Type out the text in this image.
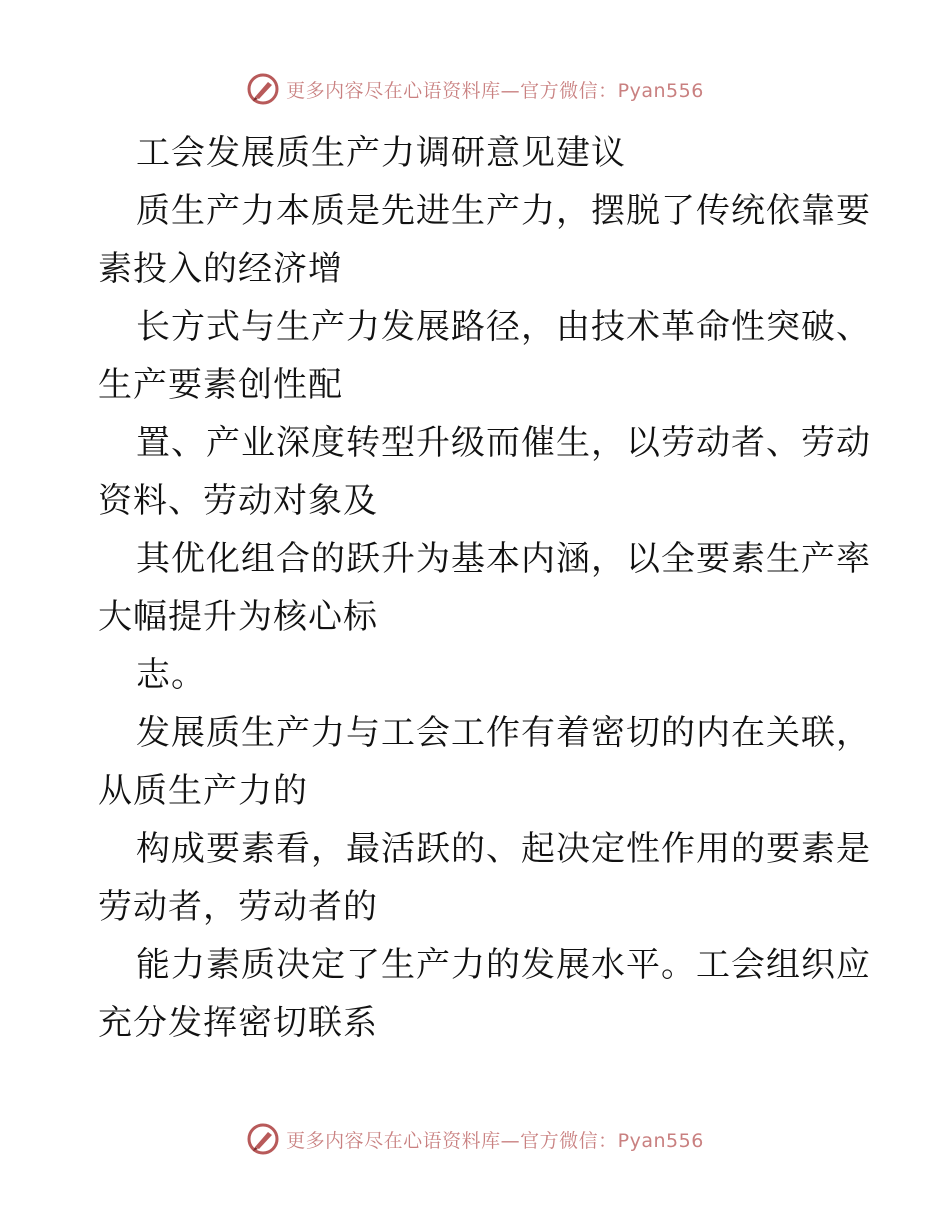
更多内容尽在心语资料库—官方微信：Pyan556
工会发展质生产力调研意见建议
质生产力本质是先进生产力，摆脱了传统依靠要
素投入的经济增
长方式与生产力发展路径，由技术革命性突破、
生产要素创性配
置、产业深度转型升级而催生，以劳动者、劳动
资料、劳动对象及
其优化组合的跃升为基本内涵，以全要素生产率
大幅提升为核心标
志。
发展质生产力与工会工作有着密切的内在关联，
从质生产力的
构成要素看，最活跃的、起决定性作用的要素是
劳动者，劳动者的
能力素质决定了生产力的发展水平。工会组织应
充分发挥密切联系
更多内容尽在心语资料库—官方微信：Pyan556
